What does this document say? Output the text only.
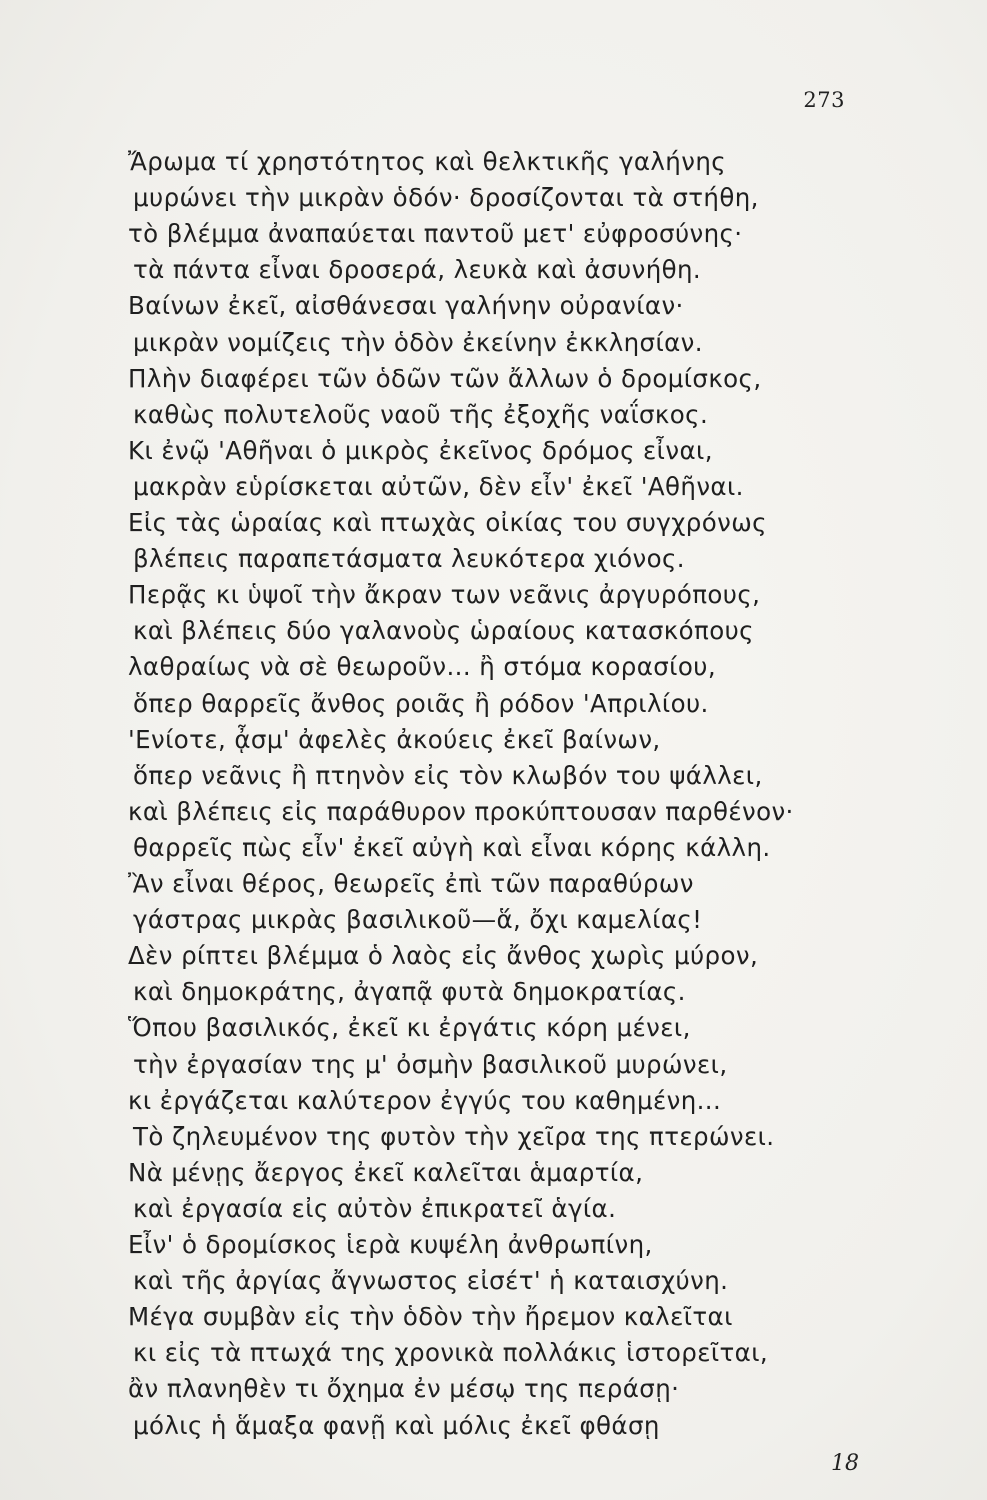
273
Ἄρωμα τί χρηστότητος καὶ θελκτικῆς γαλήνης
μυρώνει τὴν μικρὰν ὁδόν· δροσίζονται τὰ στήθη,
τὸ βλέμμα ἀναπαύεται παντοῦ μετ' εὐφροσύνης·
τὰ πάντα εἶναι δροσερά, λευκὰ καὶ ἀσυνήθη.
Βαίνων ἐκεῖ, αἰσθάνεσαι γαλήνην οὐρανίαν·
μικρὰν νομίζεις τὴν ὁδὸν ἐκείνην ἐκκλησίαν.
Πλὴν διαφέρει τῶν ὁδῶν τῶν ἄλλων ὁ δρομίσκος,
καθὼς πολυτελοῦς ναοῦ τῆς ἐξοχῆς ναΐσκος.
Κι ἐνῷ 'Αθῆναι ὁ μικρὸς ἐκεῖνος δρόμος εἶναι,
μακρὰν εὑρίσκεται αὐτῶν, δὲν εἶν' ἐκεῖ 'Αθῆναι.
Εἰς τὰς ὡραίας καὶ πτωχὰς οἰκίας του συγχρόνως
βλέπεις παραπετάσματα λευκότερα χιόνος.
Περᾷς κι ὑψοῖ τὴν ἄκραν των νεᾶνις ἀργυρόπους,
καὶ βλέπεις δύο γαλανοὺς ὡραίους κατασκόπους
λαθραίως νὰ σὲ θεωροῦν... ἢ στόμα κορασίου,
ὅπερ θαρρεῖς ἄνθος ροιᾶς ἢ ρόδον 'Απριλίου.
'Ενίοτε, ᾆσμ' ἀφελὲς ἀκούεις ἐκεῖ βαίνων,
ὅπερ νεᾶνις ἢ πτηνὸν εἰς τὸν κλωβόν του ψάλλει,
καὶ βλέπεις εἰς παράθυρον προκύπτουσαν παρθένον·
θαρρεῖς πὼς εἶν' ἐκεῖ αὐγὴ καὶ εἶναι κόρης κάλλη.
Ἂν εἶναι θέρος, θεωρεῖς ἐπὶ τῶν παραθύρων
γάστρας μικρὰς βασιλικοῦ—ἅ, ὄχι καμελίας!
Δὲν ρίπτει βλέμμα ὁ λαὸς εἰς ἄνθος χωρὶς μύρον,
καὶ δημοκράτης, ἀγαπᾷ φυτὰ δημοκρατίας.
Ὅπου βασιλικός, ἐκεῖ κι ἐργάτις κόρη μένει,
τὴν ἐργασίαν της μ' ὀσμὴν βασιλικοῦ μυρώνει,
κι ἐργάζεται καλύτερον ἐγγύς του καθημένη...
Τὸ ζηλευμένον της φυτὸν τὴν χεῖρα της πτερώνει.
Νὰ μένῃς ἄεργος ἐκεῖ καλεῖται ἁμαρτία,
καὶ ἐργασία εἰς αὐτὸν ἐπικρατεῖ ἁγία.
Εἶν' ὁ δρομίσκος ἱερὰ κυψέλη ἀνθρωπίνη,
καὶ τῆς ἀργίας ἄγνωστος εἰσέτ' ἡ καταισχύνη.
Μέγα συμβὰν εἰς τὴν ὁδὸν τὴν ἤρεμον καλεῖται
κι εἰς τὰ πτωχά της χρονικὰ πολλάκις ἱστορεῖται,
ἂν πλανηθὲν τι ὄχημα ἐν μέσῳ της περάσῃ·
μόλις ἡ ἅμαξα φανῇ καὶ μόλις ἐκεῖ φθάσῃ
18
